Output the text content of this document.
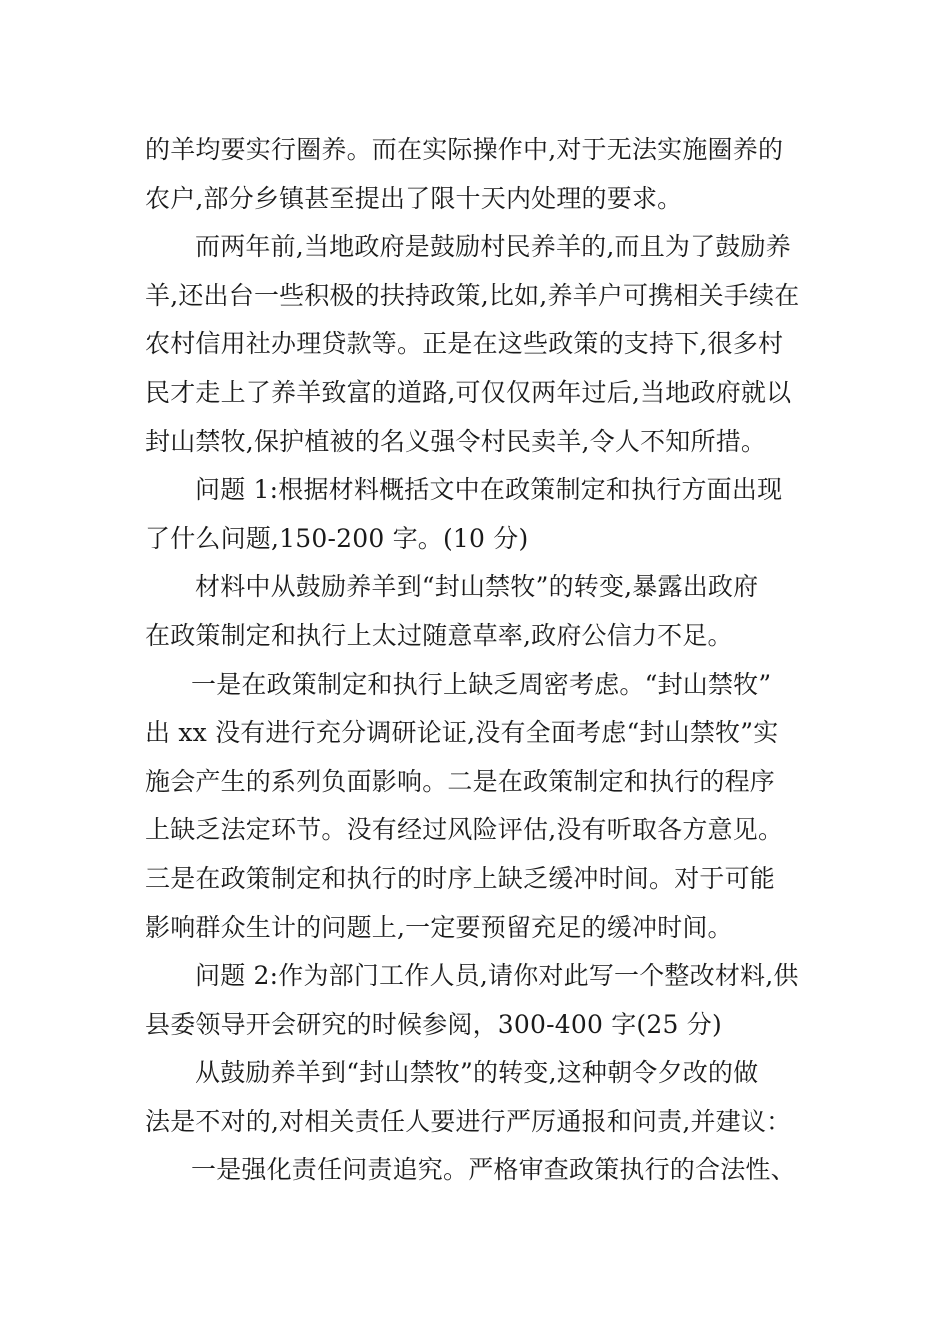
的羊均要实行圈养。而在实际操作中,对于无法实施圈养的
农户,部分乡镇甚至提出了限十天内处理的要求。

而两年前,当地政府是鼓励村民养羊的,而且为了鼓励养
羊,还出台一些积极的扶持政策,比如,养羊户可携相关手续在
农村信用社办理贷款等。正是在这些政策的支持下,很多村
民才走上了养羊致富的道路,可仅仅两年过后,当地政府就以
封山禁牧,保护植被的名义强令村民卖羊,令人不知所措。

问题 1:根据材料概括文中在政策制定和执行方面出现
了什么问题,150-200 字。(10 分)

材料中从鼓励养羊到“封山禁牧”的转变,暴露出政府
在政策制定和执行上太过随意草率,政府公信力不足。

一是在政策制定和执行上缺乏周密考虑。“封山禁牧”
出 xx 没有进行充分调研论证,没有全面考虑“封山禁牧”实
施会产生的系列负面影响。二是在政策制定和执行的程序
上缺乏法定环节。没有经过风险评估,没有听取各方意见。
三是在政策制定和执行的时序上缺乏缓冲时间。对于可能
影响群众生计的问题上,一定要预留充足的缓冲时间。

问题 2:作为部门工作人员,请你对此写一个整改材料,供
县委领导开会研究的时候参阅，300-400 字(25 分)

从鼓励养羊到“封山禁牧”的转变,这种朝令夕改的做
法是不对的,对相关责任人要进行严厉通报和问责,并建议：

一是强化责任问责追究。严格审查政策执行的合法性、
